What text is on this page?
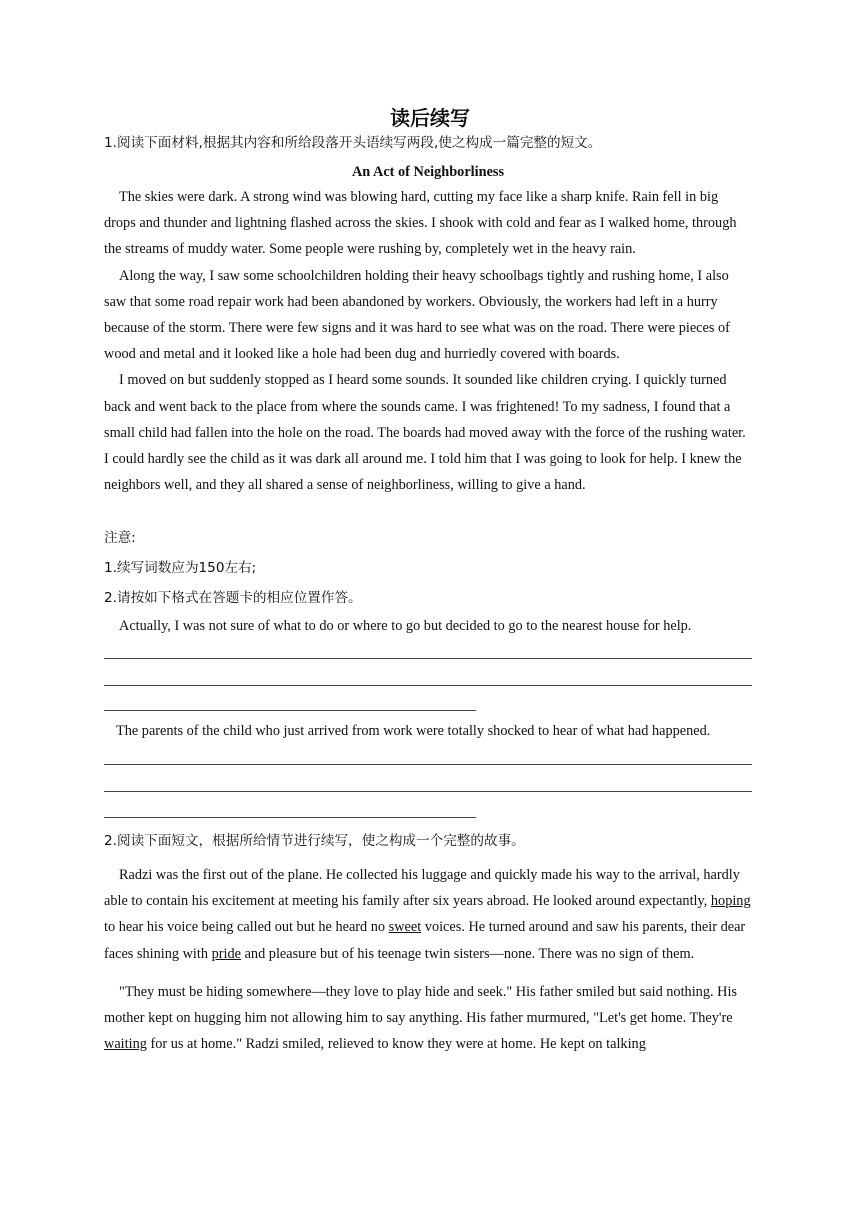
读后续写
1.阅读下面材料,根据其内容和所给段落开头语续写两段,使之构成一篇完整的短文。
An Act of Neighborliness

The skies were dark. A strong wind was blowing hard, cutting my face like a sharp knife. Rain fell in big drops and thunder and lightning flashed across the skies. I shook with cold and fear as I walked home, through the streams of muddy water. Some people were rushing by, completely wet in the heavy rain.

Along the way, I saw some schoolchildren holding their heavy schoolbags tightly and rushing home, I also saw that some road repair work had been abandoned by workers. Obviously, the workers had left in a hurry because of the storm. There were few signs and it was hard to see what was on the road. There were pieces of wood and metal and it looked like a hole had been dug and hurriedly covered with boards.

I moved on but suddenly stopped as I heard some sounds. It sounded like children crying. I quickly turned back and went back to the place from where the sounds came. I was frightened! To my sadness, I found that a small child had fallen into the hole on the road. The boards had moved away with the force of the rushing water. I could hardly see the child as it was dark all around me. I told him that I was going to look for help. I knew the neighbors well, and they all shared a sense of neighborliness, willing to give a hand.

注意:
1.续写词数应为150左右;
2.请按如下格式在答题卡的相应位置作答。
Actually, I was not sure of what to do or where to go but decided to go to the nearest house for help.
The parents of the child who just arrived from work were totally shocked to hear of what had happened.
2.阅读下面短文，根据所给情节进行续写，使之构成一个完整的故事。

Radzi was the first out of the plane. He collected his luggage and quickly made his way to the arrival, hardly able to contain his excitement at meeting his family after six years abroad. He looked around expectantly, hoping to hear his voice being called out but he heard no sweet voices. He turned around and saw his parents, their dear faces shining with pride and pleasure but of his teenage twin sisters—none. There was no sign of them.

"They must be hiding somewhere—they love to play hide and seek." His father smiled but said nothing. His mother kept on hugging him not allowing him to say anything. His father murmured, "Let's get home. They're waiting for us at home." Radzi smiled, relieved to know they were at home. He kept on talking
